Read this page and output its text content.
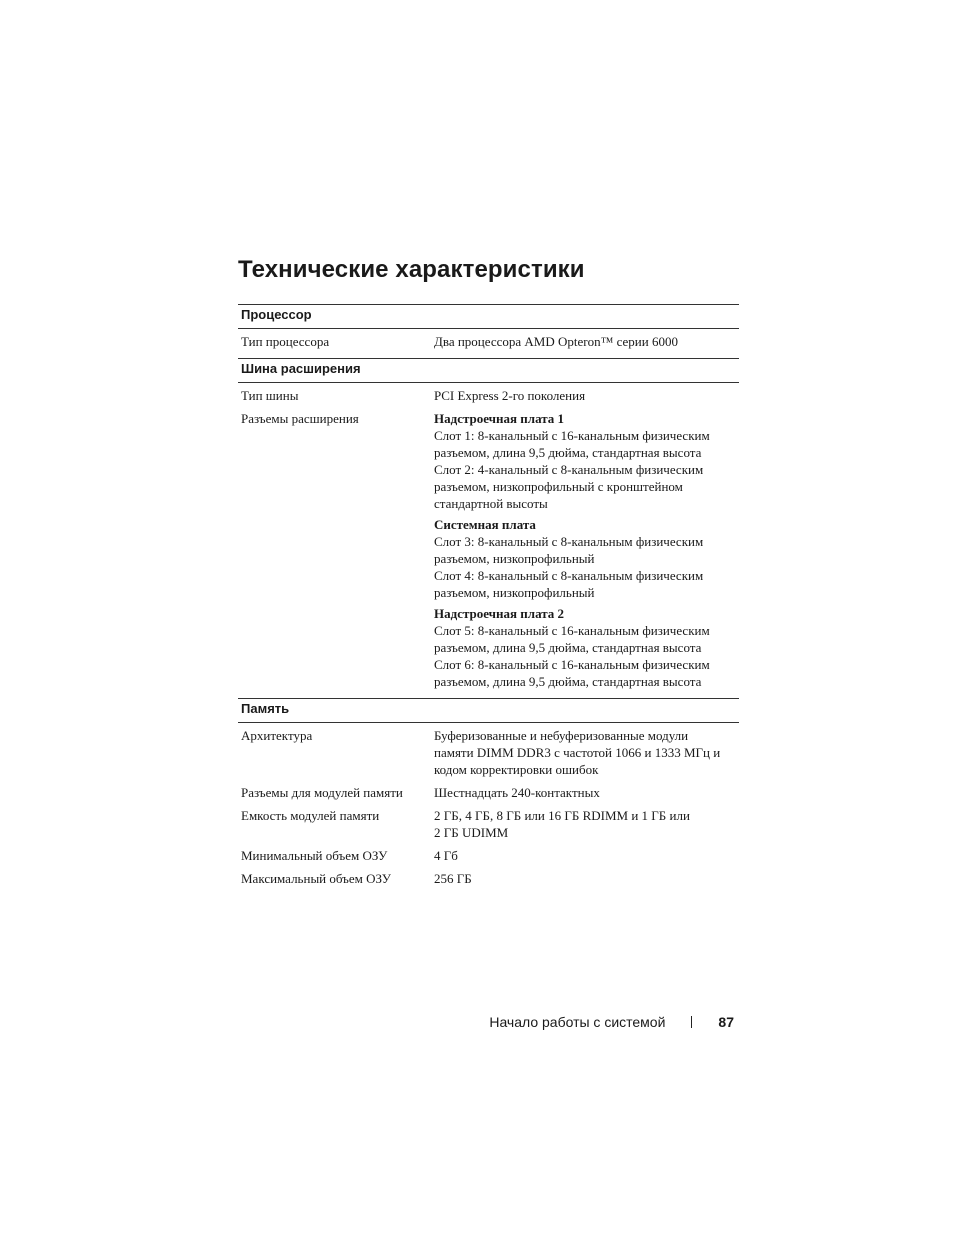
Технические характеристики
Процессор
Тип процессора	Два процессора AMD Opteron™ серии 6000
Шина расширения
Тип шины	PCI Express 2-го поколения
Разъемы расширения	Надстроечная плата 1
Слот 1: 8-канальный с 16-канальным физическим
разъемом, длина 9,5 дюйма, стандартная высота
Слот 2: 4-канальный с 8-канальным физическим
разъемом, низкопрофильный с кронштейном
стандартной высоты
Системная плата
Слот 3: 8-канальный с 8-канальным физическим
разъемом, низкопрофильный
Слот 4: 8-канальный с 8-канальным физическим
разъемом, низкопрофильный
Надстроечная плата 2
Слот 5: 8-канальный с 16-канальным физическим
разъемом, длина 9,5 дюйма, стандартная высота
Слот 6: 8-канальный с 16-канальным физическим
разъемом, длина 9,5 дюйма, стандартная высота
Память
Архитектура	Буферизованные и небуферизованные модули
памяти DIMM DDR3 с частотой 1066 и 1333 МГц и
кодом корректировки ошибок
Разъемы для модулей памяти	Шестнадцать 240-контактных
Емкость модулей памяти	2 ГБ, 4 ГБ, 8 ГБ или 16 ГБ RDIMM и 1 ГБ или
2 ГБ UDIMM
Минимальный объем ОЗУ	4 Гб
Максимальный объем ОЗУ	256 ГБ
Начало работы с системой	87
